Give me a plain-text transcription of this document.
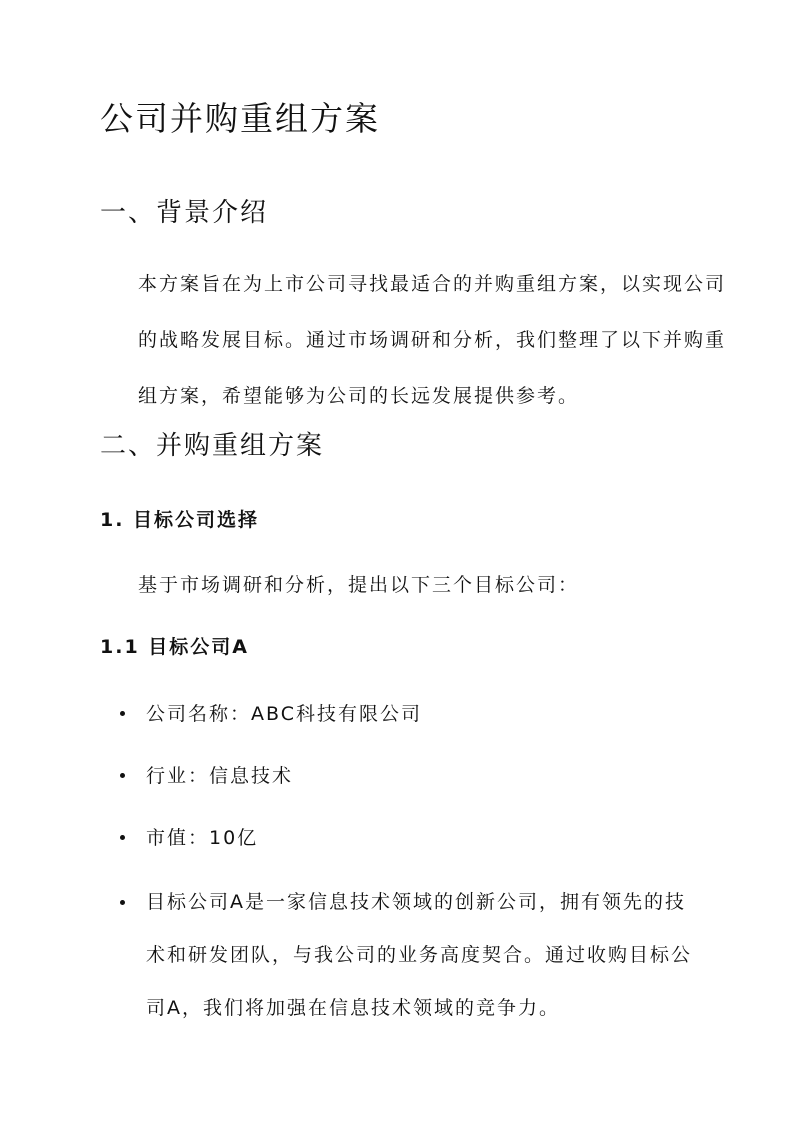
公司并购重组方案
一、背景介绍
本方案旨在为上市公司寻找最适合的并购重组方案，以实现公司的战略发展目标。通过市场调研和分析，我们整理了以下并购重组方案，希望能够为公司的长远发展提供参考。
二、并购重组方案
1. 目标公司选择
基于市场调研和分析，提出以下三个目标公司：
1.1 目标公司A
公司名称：ABC科技有限公司
行业：信息技术
市值：10亿
目标公司A是一家信息技术领域的创新公司，拥有领先的技术和研发团队，与我公司的业务高度契合。通过收购目标公司A，我们将加强在信息技术领域的竞争力。
